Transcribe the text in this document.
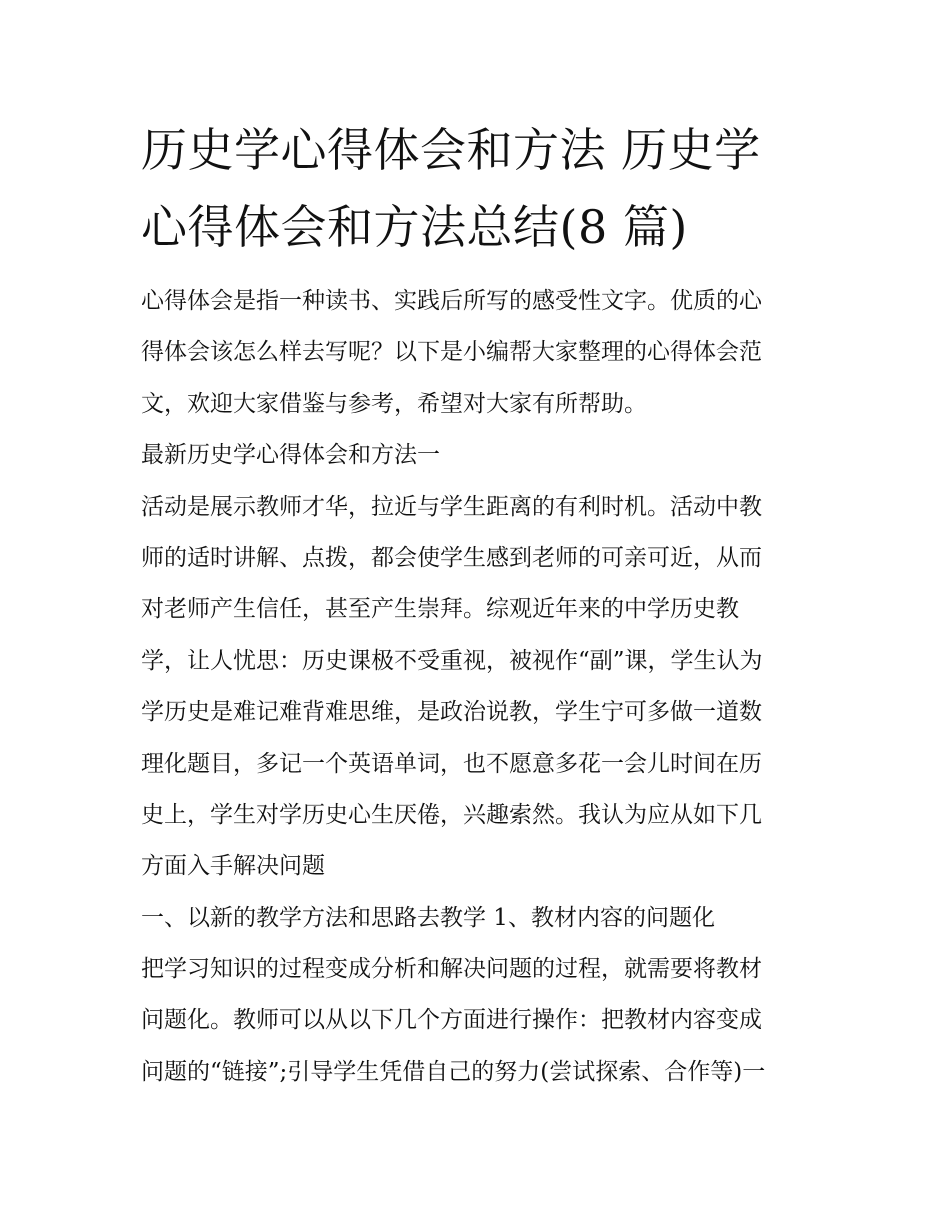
历史学心得体会和方法 历史学
心得体会和方法总结(8 篇)
心得体会是指一种读书、实践后所写的感受性文字。优质的心
得体会该怎么样去写呢？以下是小编帮大家整理的心得体会范
文，欢迎大家借鉴与参考，希望对大家有所帮助。
最新历史学心得体会和方法一
活动是展示教师才华，拉近与学生距离的有利时机。活动中教
师的适时讲解、点拨，都会使学生感到老师的可亲可近，从而
对老师产生信任，甚至产生崇拜。综观近年来的中学历史教
学，让人忧思：历史课极不受重视，被视作“副”课，学生认为
学历史是难记难背难思维，是政治说教，学生宁可多做一道数
理化题目，多记一个英语单词，也不愿意多花一会儿时间在历
史上，学生对学历史心生厌倦，兴趣索然。我认为应从如下几
方面入手解决问题
一、以新的教学方法和思路去教学 1、教材内容的问题化
把学习知识的过程变成分析和解决问题的过程，就需要将教材
问题化。教师可以从以下几个方面进行操作：把教材内容变成
问题的“链接”;引导学生凭借自己的努力(尝试探索、合作等)一
